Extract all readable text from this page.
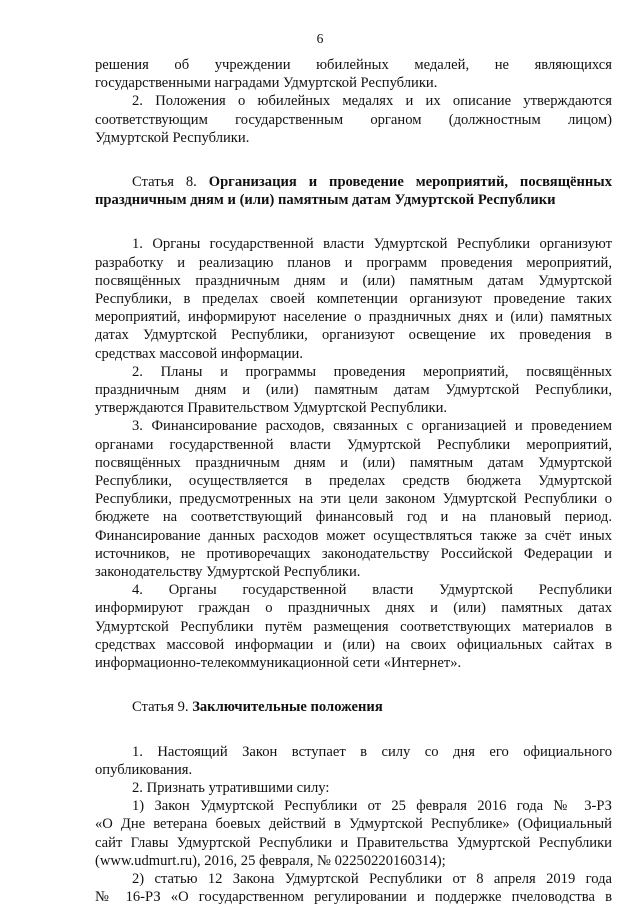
6
решения об учреждении юбилейных медалей, не являющихся
государственными наградами Удмуртской Республики.
2. Положения о юбилейных медалях и их описание утверждаются
соответствующим государственным органом (должностным лицом)
Удмуртской Республики.
Статья 8. Организация и проведение мероприятий, посвящённых
праздничным дням и (или) памятным датам Удмуртской Республики
1. Органы государственной власти Удмуртской Республики организуют
разработку и реализацию планов и программ проведения мероприятий,
посвящённых праздничным дням и (или) памятным датам Удмуртской
Республики, в пределах своей компетенции организуют проведение таких
мероприятий, информируют население о праздничных днях и (или) памятных
датах Удмуртской Республики, организуют освещение их проведения в
средствах массовой информации.
2. Планы и программы проведения мероприятий, посвящённых
праздничным дням и (или) памятным датам Удмуртской Республики,
утверждаются Правительством Удмуртской Республики.
3. Финансирование расходов, связанных с организацией и проведением
органами государственной власти Удмуртской Республики мероприятий,
посвящённых праздничным дням и (или) памятным датам Удмуртской
Республики, осуществляется в пределах средств бюджета Удмуртской
Республики, предусмотренных на эти цели законом Удмуртской Республики о
бюджете на соответствующий финансовый год и на плановый период.
Финансирование данных расходов может осуществляться также за счёт иных
источников, не противоречащих законодательству Российской Федерации и
законодательству Удмуртской Республики.
4. Органы государственной власти Удмуртской Республики
информируют граждан о праздничных днях и (или) памятных датах
Удмуртской Республики путём размещения соответствующих материалов в
средствах массовой информации и (или) на своих официальных сайтах в
информационно-телекоммуникационной сети «Интернет».
Статья 9. Заключительные положения
1. Настоящий Закон вступает в силу со дня его официального
опубликования.
2. Признать утратившими силу:
1) Закон Удмуртской Республики от 25 февраля 2016 года № 3-РЗ
«О Дне ветерана боевых действий в Удмуртской Республике» (Официальный
сайт Главы Удмуртской Республики и Правительства Удмуртской Республики
(www.udmurt.ru), 2016, 25 февраля, № 02250220160314);
2) статью 12 Закона Удмуртской Республики от 8 апреля 2019 года
№ 16-РЗ «О государственном регулировании и поддержке пчеловодства в
